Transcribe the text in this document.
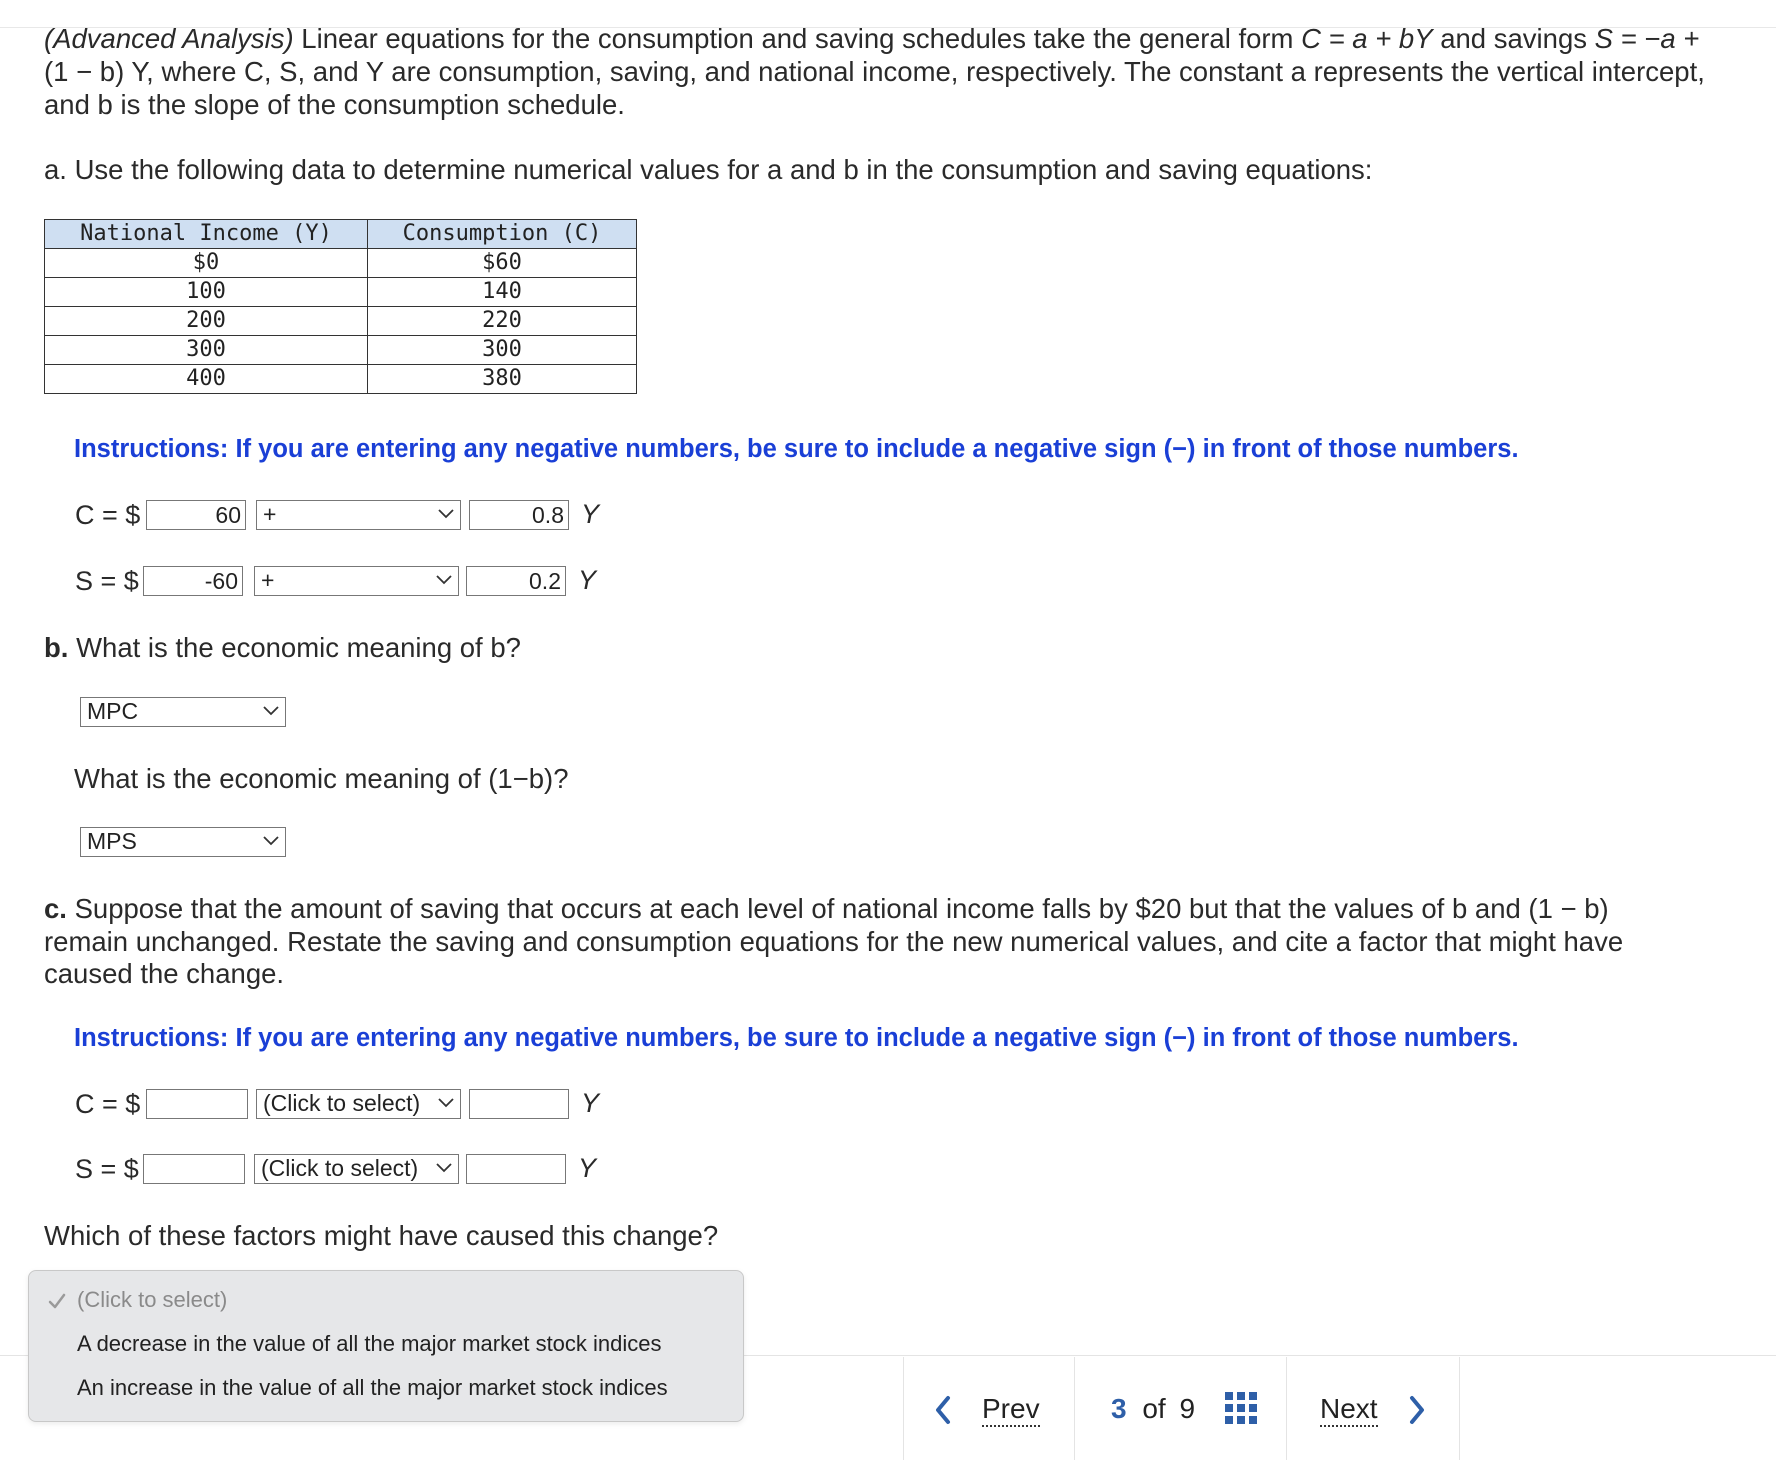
(Advanced Analysis) Linear equations for the consumption and saving schedules take the general form C = a + bY and savings S = −a +
(1 − b) Y, where C, S, and Y are consumption, saving, and national income, respectively. The constant a represents the vertical intercept,
and b is the slope of the consumption schedule.
a. Use the following data to determine numerical values for a and b in the consumption and saving equations:
National Income (Y)	Consumption (C)
$0	$60
100	140
200	220
300	300
400	380
Instructions: If you are entering any negative numbers, be sure to include a negative sign (−) in front of those numbers.
C = $	60 +	0.8 Y
S = $	-60	+	0.2 Y
b. What is the economic meaning of b?
MPC
What is the economic meaning of (1−b)?
MPS
c. Suppose that the amount of saving that occurs at each level of national income falls by $20 but that the values of b and (1 − b)
remain unchanged. Restate the saving and consumption equations for the new numerical values, and cite a factor that might have
caused the change.
Instructions: If you are entering any negative numbers, be sure to include a negative sign (−) in front of those numbers.
C = $	(Click to select)	Y
S = $	(Click to select)	Y
Which of these factors might have caused this change?
Prev	3 of 9	Next
(Click to select)
A decrease in the value of all the major market stock indices
An increase in the value of all the major market stock indices
